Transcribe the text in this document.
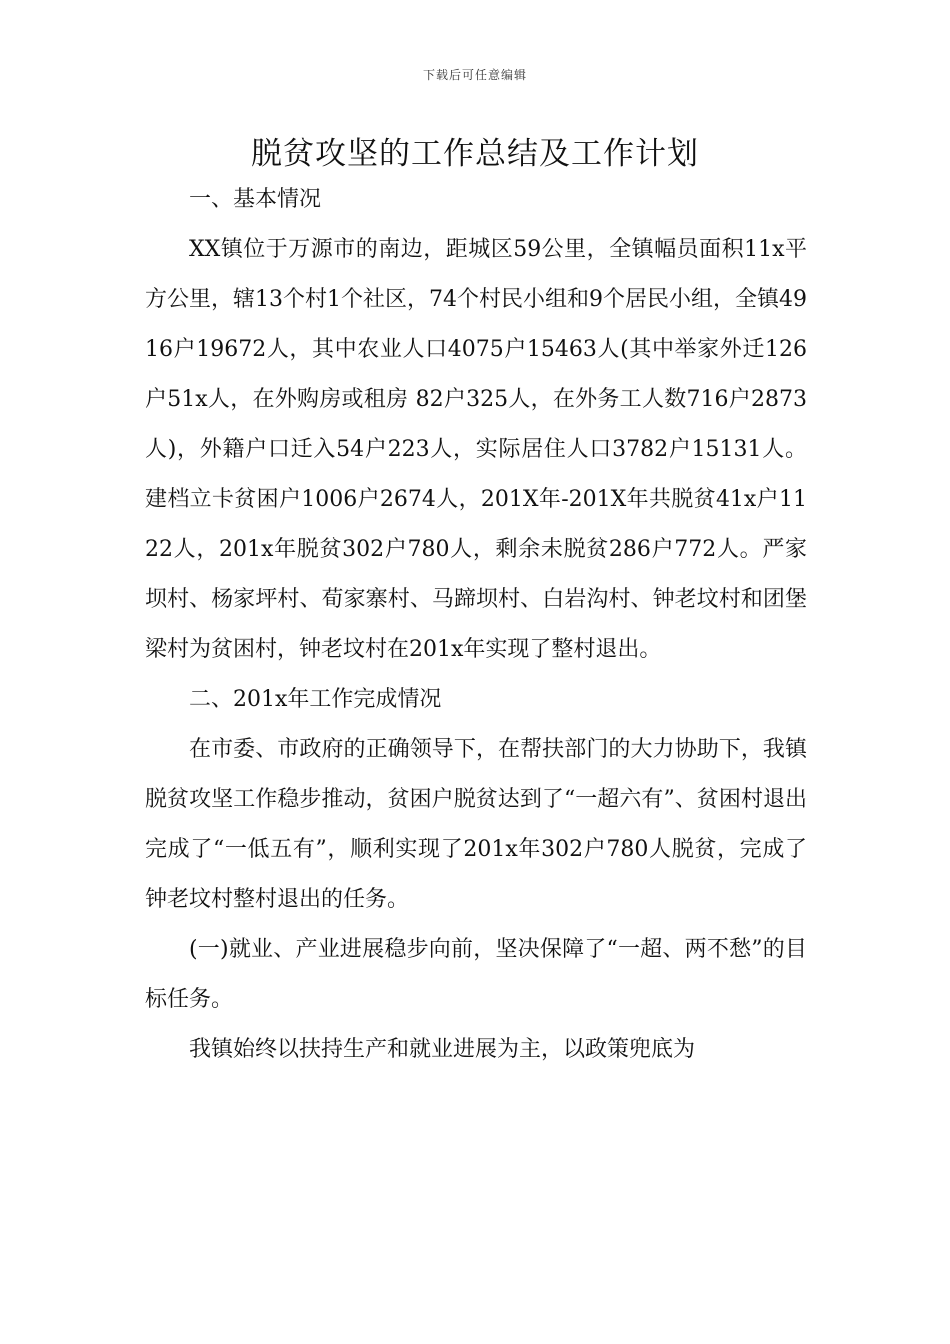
下载后可任意编辑
脱贫攻坚的工作总结及工作计划

一、基本情况

XX镇位于万源市的南边，距城区59公里，全镇幅员面积11x平方公里，辖13个村1个社区，74个村民小组和9个居民小组，全镇4916户19672人，其中农业人口4075户15463人(其中举家外迁126户51x人，在外购房或租房 82户325人，在外务工人数716户2873人)，外籍户口迁入54户223人，实际居住人口3782户15131人。建档立卡贫困户1006户2674人，201X年-201X年共脱贫41x户1122人，201x年脱贫302户780人，剩余未脱贫286户772人。严家坝村、杨家坪村、荀家寨村、马蹄坝村、白岩沟村、钟老坟村和团堡梁村为贫困村，钟老坟村在201x年实现了整村退出。

二、201x年工作完成情况

在市委、市政府的正确领导下，在帮扶部门的大力协助下，我镇脱贫攻坚工作稳步推动，贫困户脱贫达到了“一超六有”、贫困村退出完成了“一低五有”，顺利实现了201x年302户780人脱贫，完成了钟老坟村整村退出的任务。

(一)就业、产业进展稳步向前，坚决保障了“一超、两不愁”的目标任务。

我镇始终以扶持生产和就业进展为主，以政策兜底为
